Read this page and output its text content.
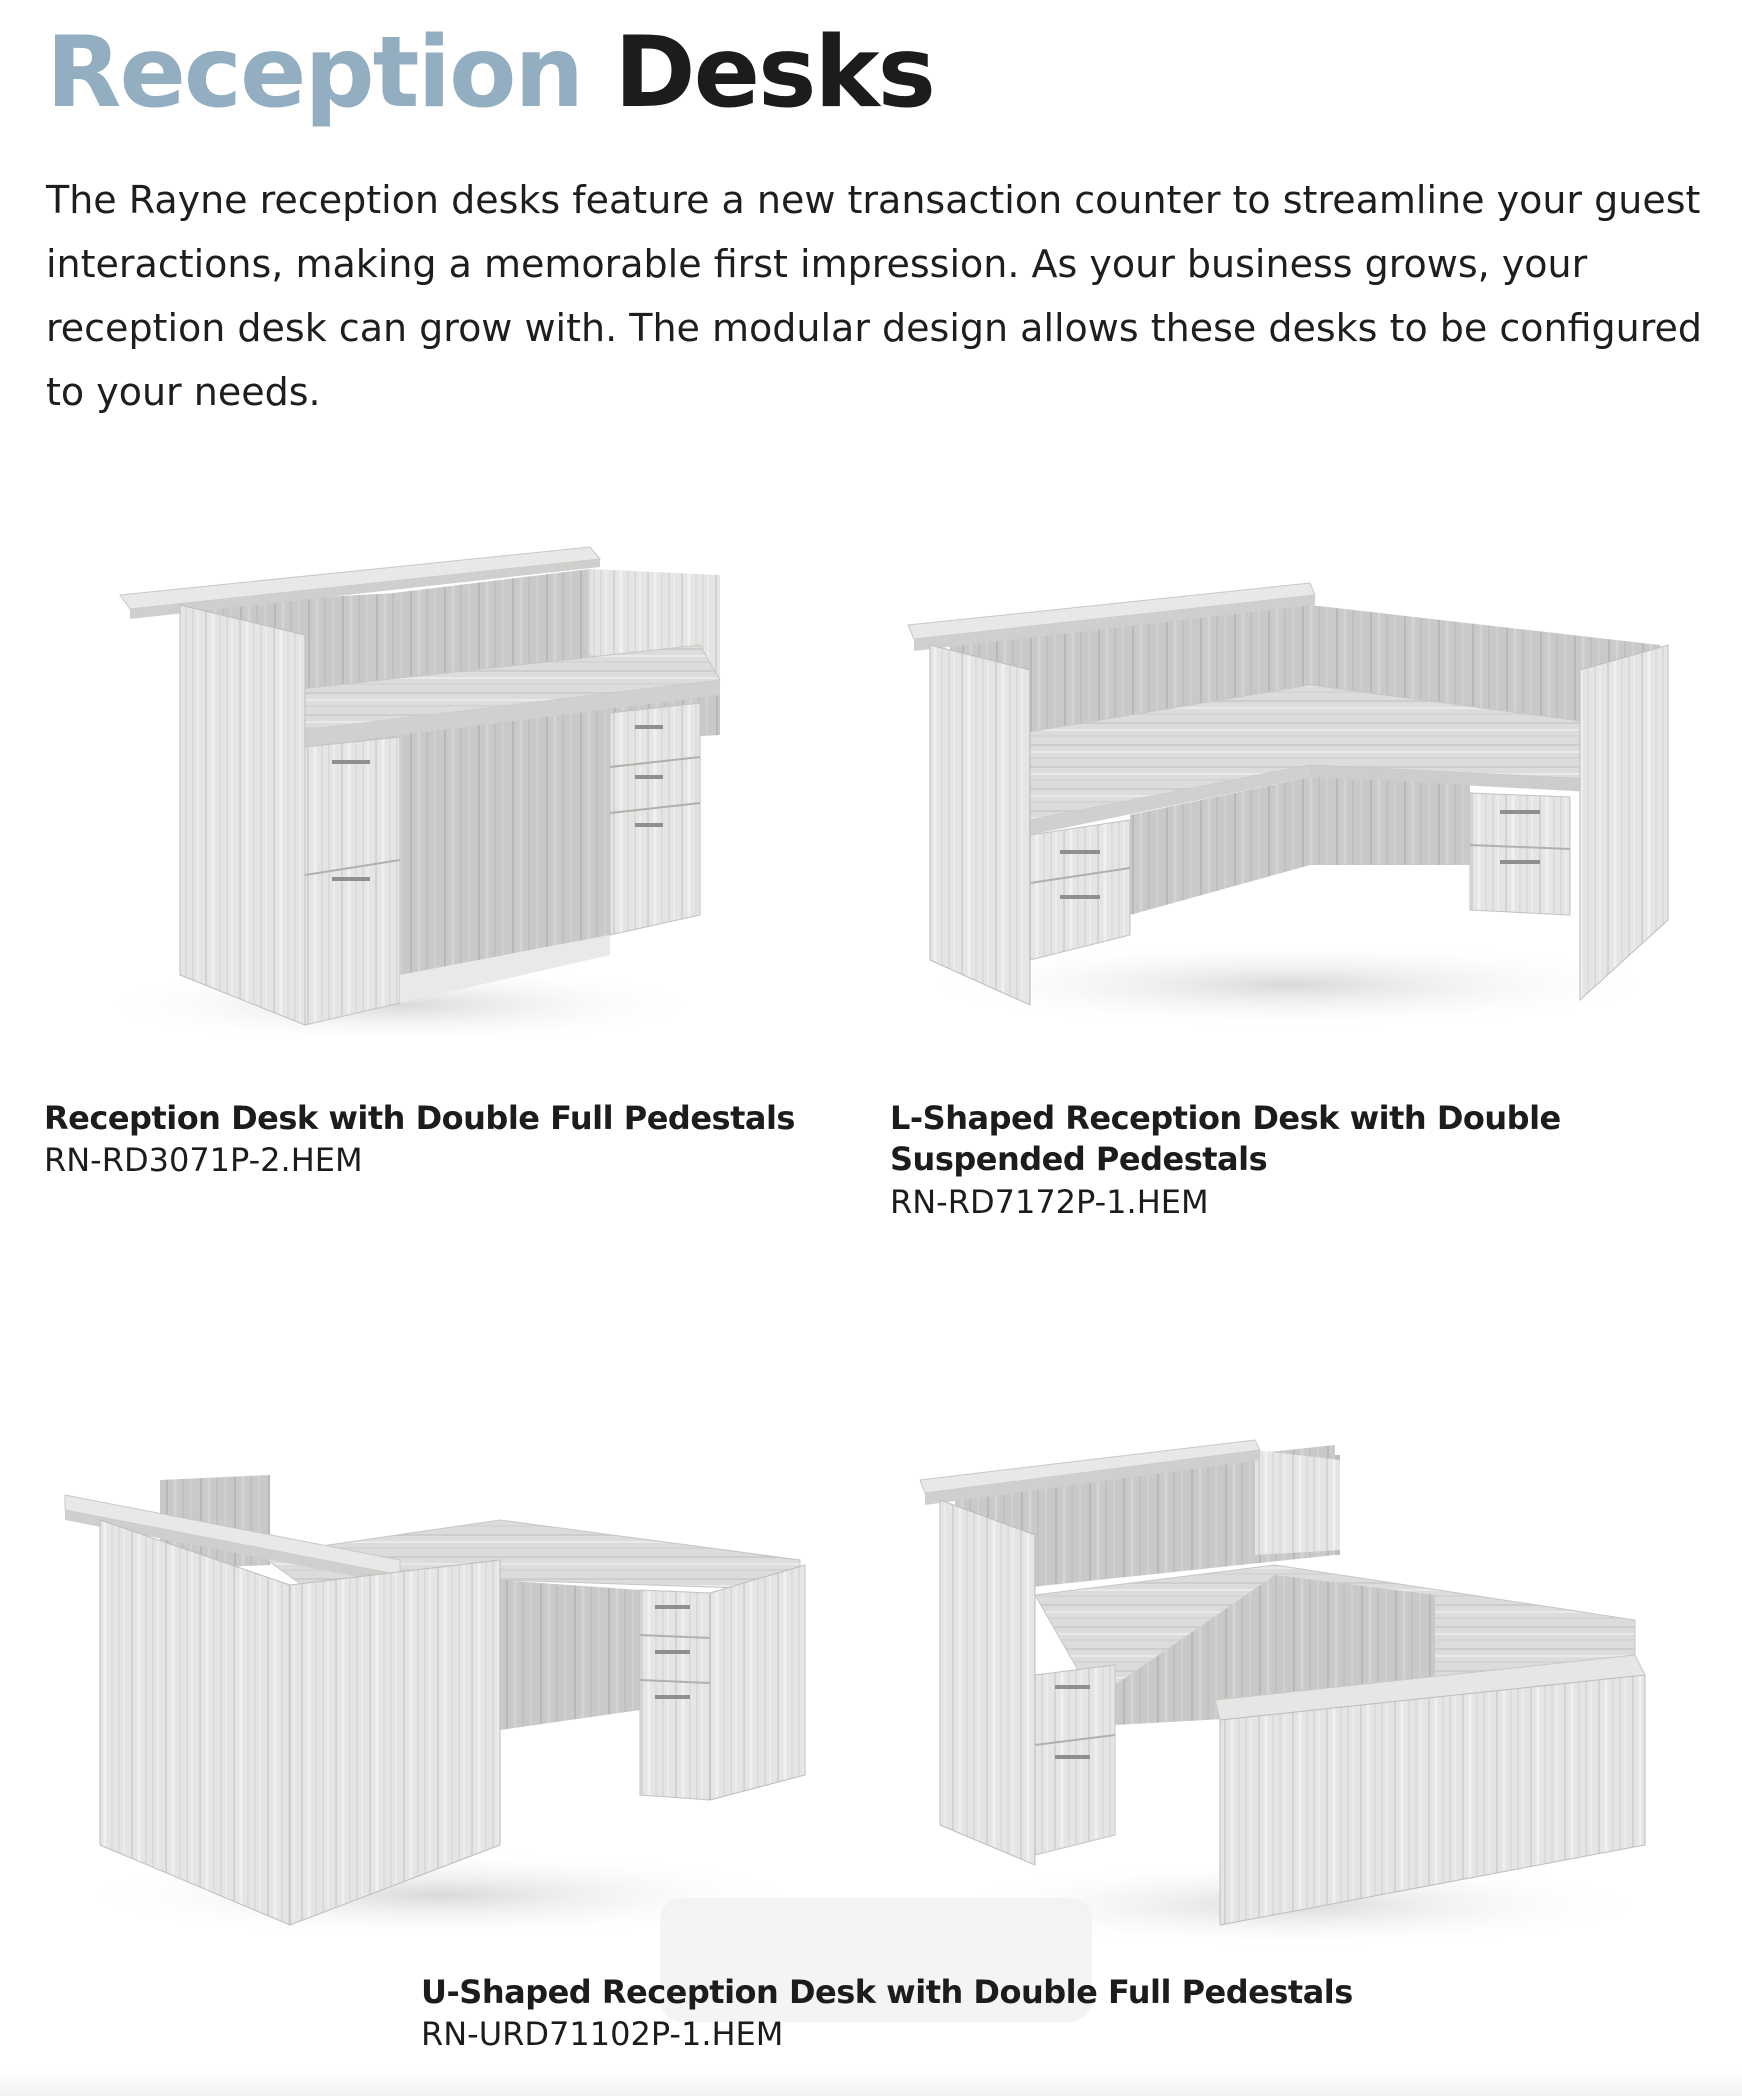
Reception Desks

The Rayne reception desks feature a new transaction counter to streamline your guest interactions, making a memorable first impression. As your business grows, your reception desk can grow with. The modular design allows these desks to be configured to your needs.

Reception Desk with Double Full Pedestals

RN-RD3071P-2.HEM

L-Shaped Reception Desk with Double Suspended Pedestals

RN-RD7172P-1.HEM

U-Shaped Reception Desk with Double Full Pedestals

RN-URD71102P-1.HEM
